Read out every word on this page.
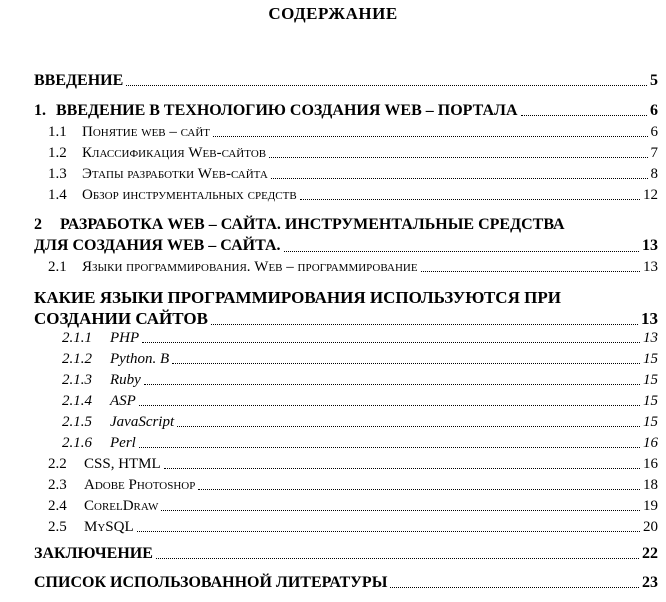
СОДЕРЖАНИЕ
ВВЕДЕНИЕ	5
1. ВВЕДЕНИЕ В ТЕХНОЛОГИЮ СОЗДАНИЯ WEB – ПОРТАЛА	6
1.1	Понятие web – сайт	6
1.2	Классификация Web-сайтов	7
1.3	Этапы разработки Web-сайта	8
1.4	Обзор инструментальных средств	12
2 РАЗРАБОТКА WEB – САЙТА. ИНСТРУМЕНТАЛЬНЫЕ СРЕДСТВА
ДЛЯ СОЗДАНИЯ WEB – САЙТА.	13
2.1	Языки программирования. Web – программирование	13
КАКИЕ ЯЗЫКИ ПРОГРАММИРОВАНИЯ ИСПОЛЬЗУЮТСЯ ПРИ
СОЗДАНИИ САЙТОВ	13
2.1.1	PHP	13
2.1.2	Python. B	15
2.1.3	Ruby	15
2.1.4	ASP	15
2.1.5	JavaScript	15
2.1.6	Perl	16
2.2	CSS, HTML	16
2.3	Adobe Photoshop	18
2.4	CorelDraw	19
2.5	MySQL	20
ЗАКЛЮЧЕНИЕ	22
СПИСОК ИСПОЛЬЗОВАННОЙ ЛИТЕРАТУРЫ	23
